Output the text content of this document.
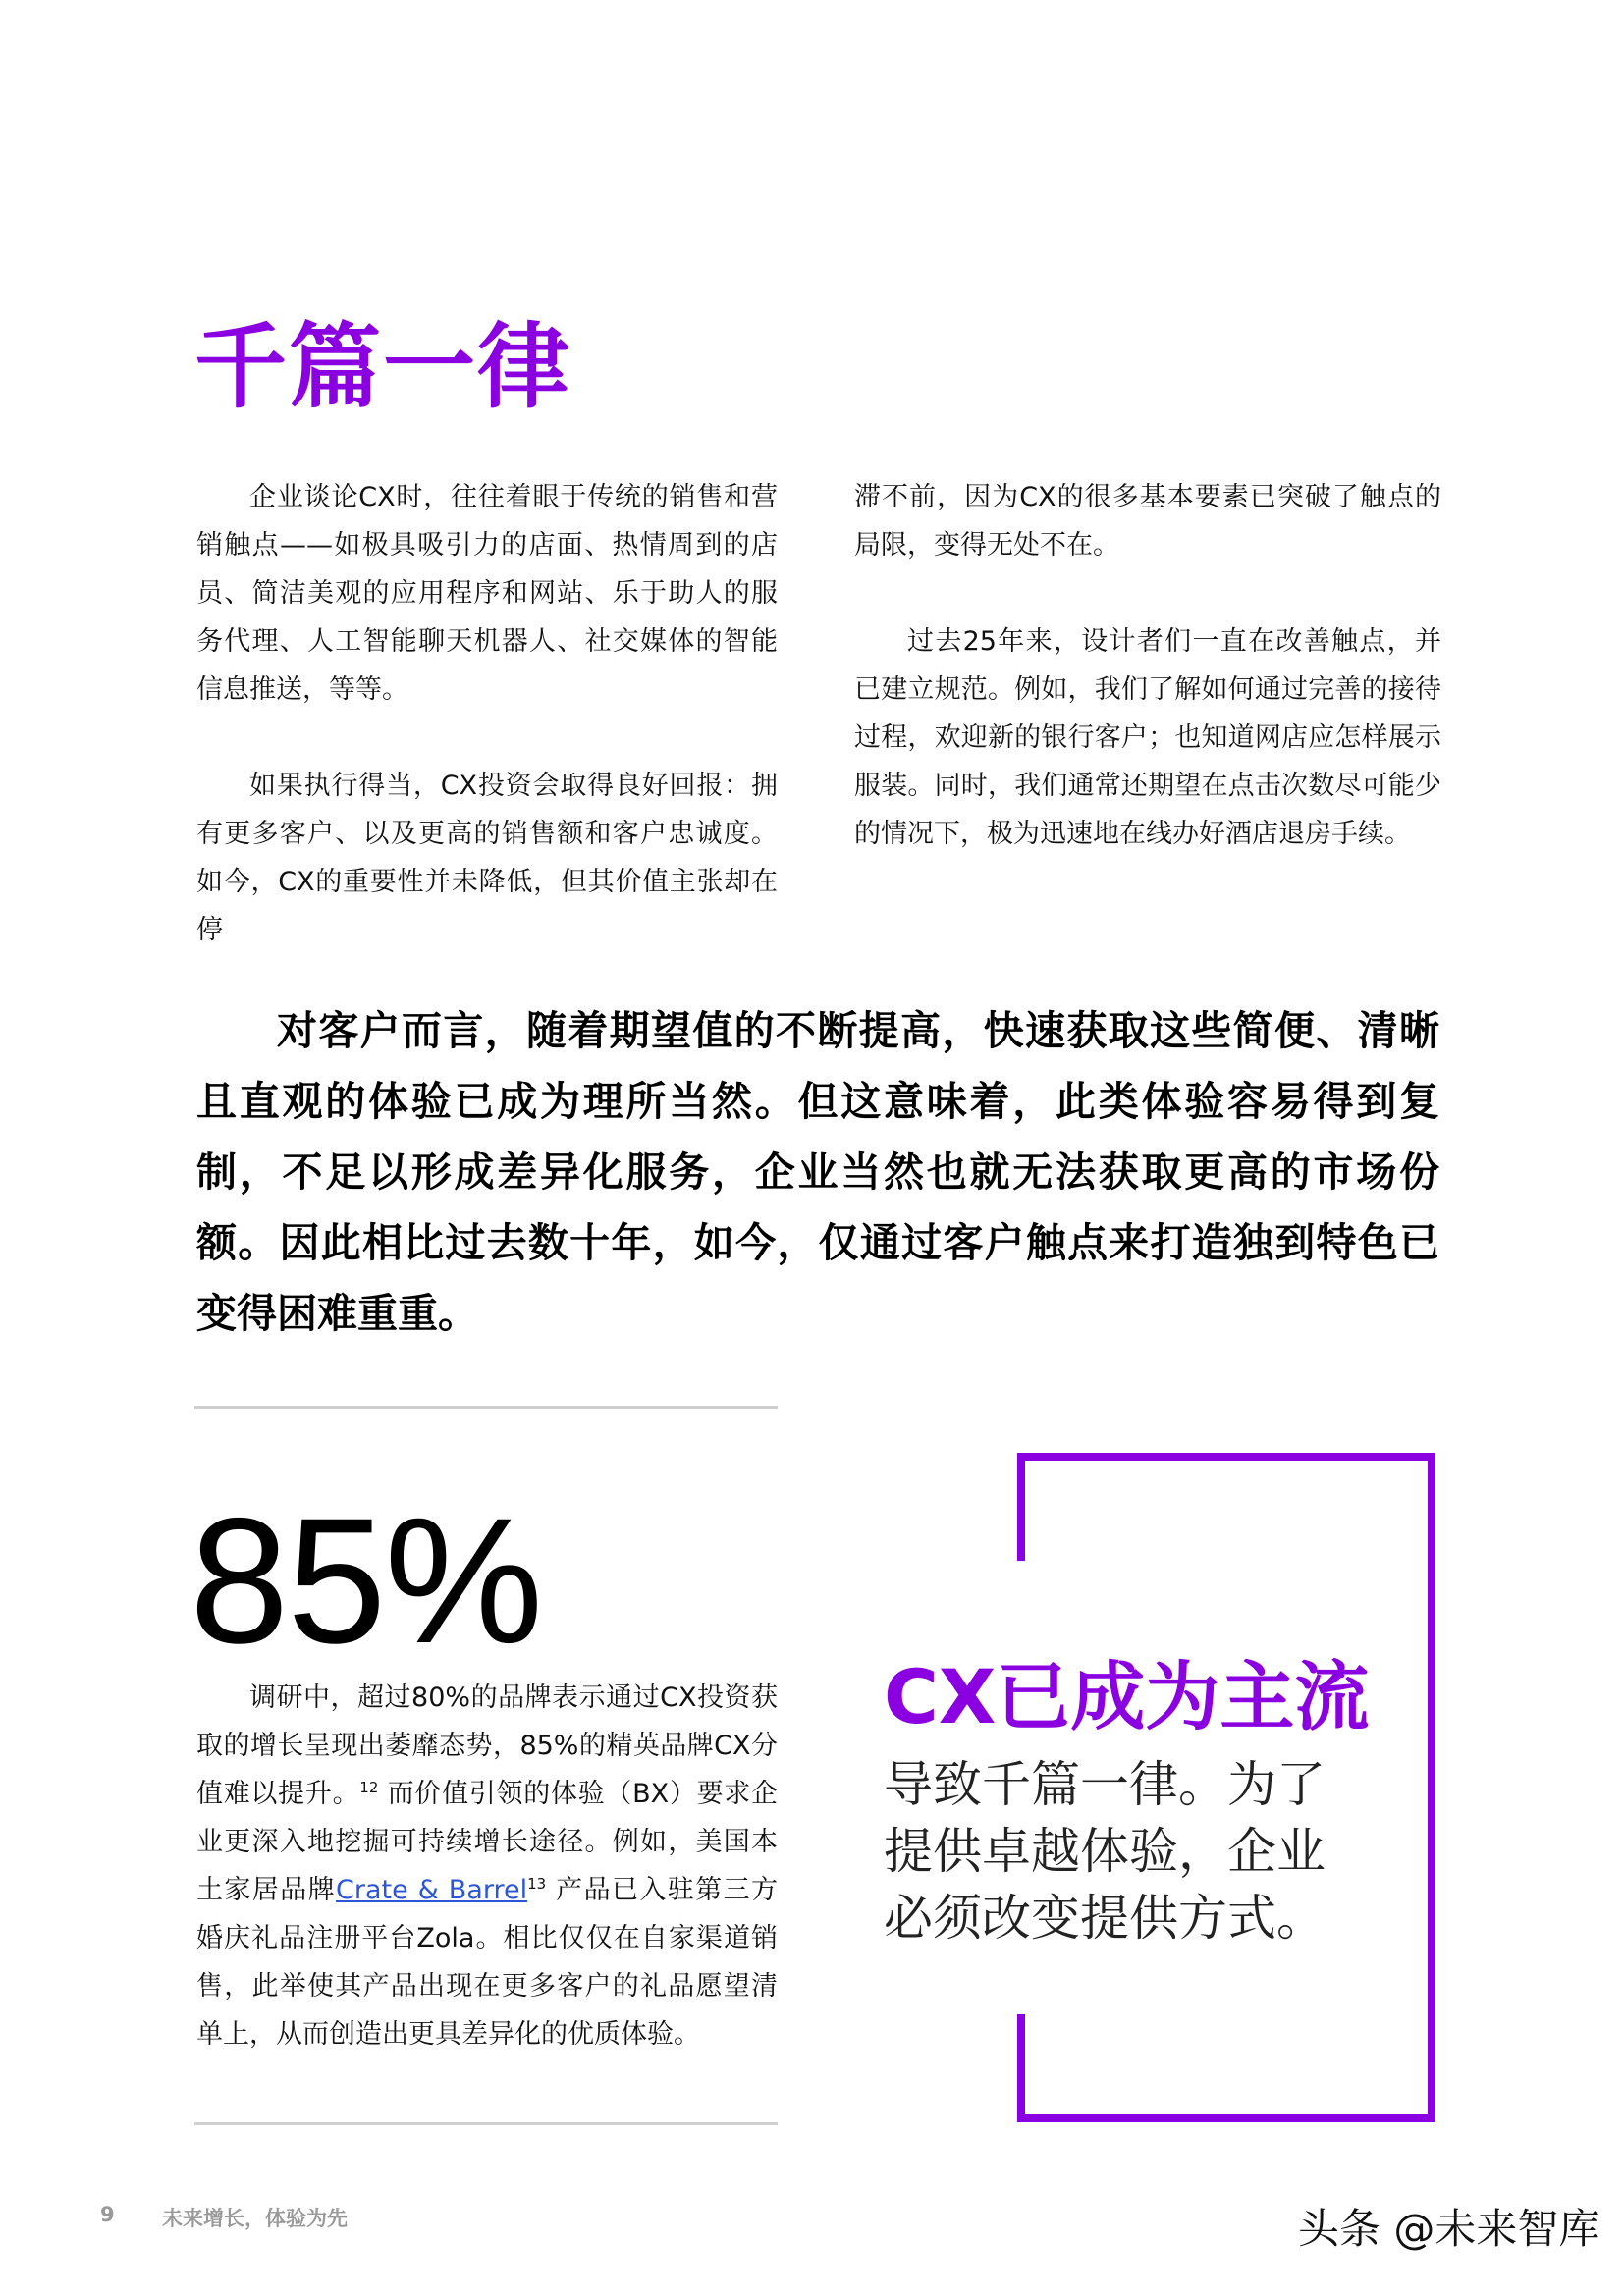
千篇一律

企业谈论CX时，往往着眼于传统的销售和营销触点——如极具吸引力的店面、热情周到的店员、简洁美观的应用程序和网站、乐于助人的服务代理、人工智能聊天机器人、社交媒体的智能信息推送，等等。

如果执行得当，CX投资会取得良好回报：拥有更多客户、以及更高的销售额和客户忠诚度。如今，CX的重要性并未降低，但其价值主张却在停

滞不前，因为CX的很多基本要素已突破了触点的局限，变得无处不在。

过去25年来，设计者们一直在改善触点，并已建立规范。例如，我们了解如何通过完善的接待过程，欢迎新的银行客户；也知道网店应怎样展示服装。同时，我们通常还期望在点击次数尽可能少的情况下，极为迅速地在线办好酒店退房手续。

对客户而言，随着期望值的不断提高，快速获取这些简便、清晰且直观的体验已成为理所当然。但这意味着，此类体验容易得到复制，不足以形成差异化服务，企业当然也就无法获取更高的市场份额。因此相比过去数十年，如今，仅通过客户触点来打造独到特色已变得困难重重。

85%

调研中，超过80%的品牌表示通过CX投资获取的增长呈现出萎靡态势，85%的精英品牌CX分值难以提升。$^{12}$ 而价值引领的体验（BX）要求企业更深入地挖掘可持续增长途径。例如，美国本土家居品牌Crate & Barrel$^{13}$ 产品已入驻第三方婚庆礼品注册平台Zola。相比仅仅在自家渠道销售，此举使其产品出现在更多客户的礼品愿望清单上，从而创造出更具差异化的优质体验。

CX已成为主流

导致千篇一律。为了提供卓越体验，企业必须改变提供方式。

9 未来增长，体验为先	头条 @未来智库
